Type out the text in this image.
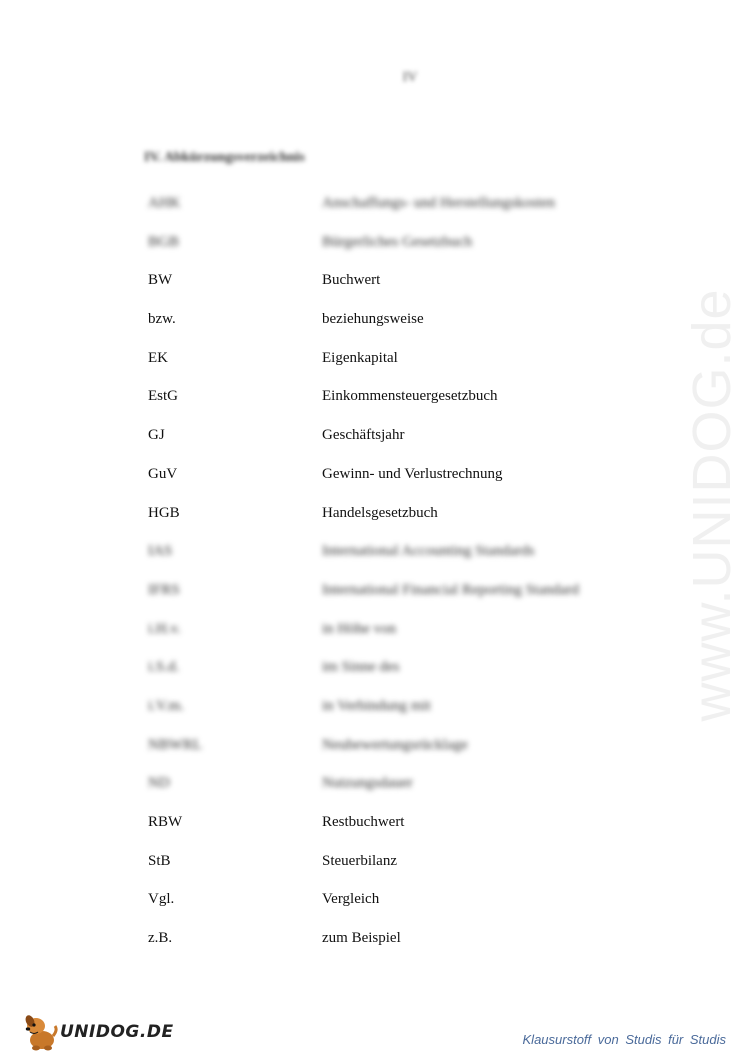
IV
IV. Abkürzungsverzeichnis
AHK	Anschaffungs- und Herstellungskosten
BGB	Bürgerliches Gesetzbuch
BW	Buchwert
bzw.	beziehungsweise
EK	Eigenkapital
EstG	Einkommensteuergesetzbuch
GJ	Geschäftsjahr
GuV	Gewinn- und Verlustrechnung
HGB	Handelsgesetzbuch
IAS	International Accounting Standards
IFRS	International Financial Reporting Standard
i.H.v.	in Höhe von
i.S.d.	im Sinne des
i.V.m.	in Verbindung mit
NBWRL	Neubewertungsrücklage
ND	Nutzungsdauer
RBW	Restbuchwert
StB	Steuerbilanz
Vgl.	Vergleich
z.B.	zum Beispiel
www.UNIDOG.de
UNIDOG.DE	Klausurstoff von Studis für Studis
